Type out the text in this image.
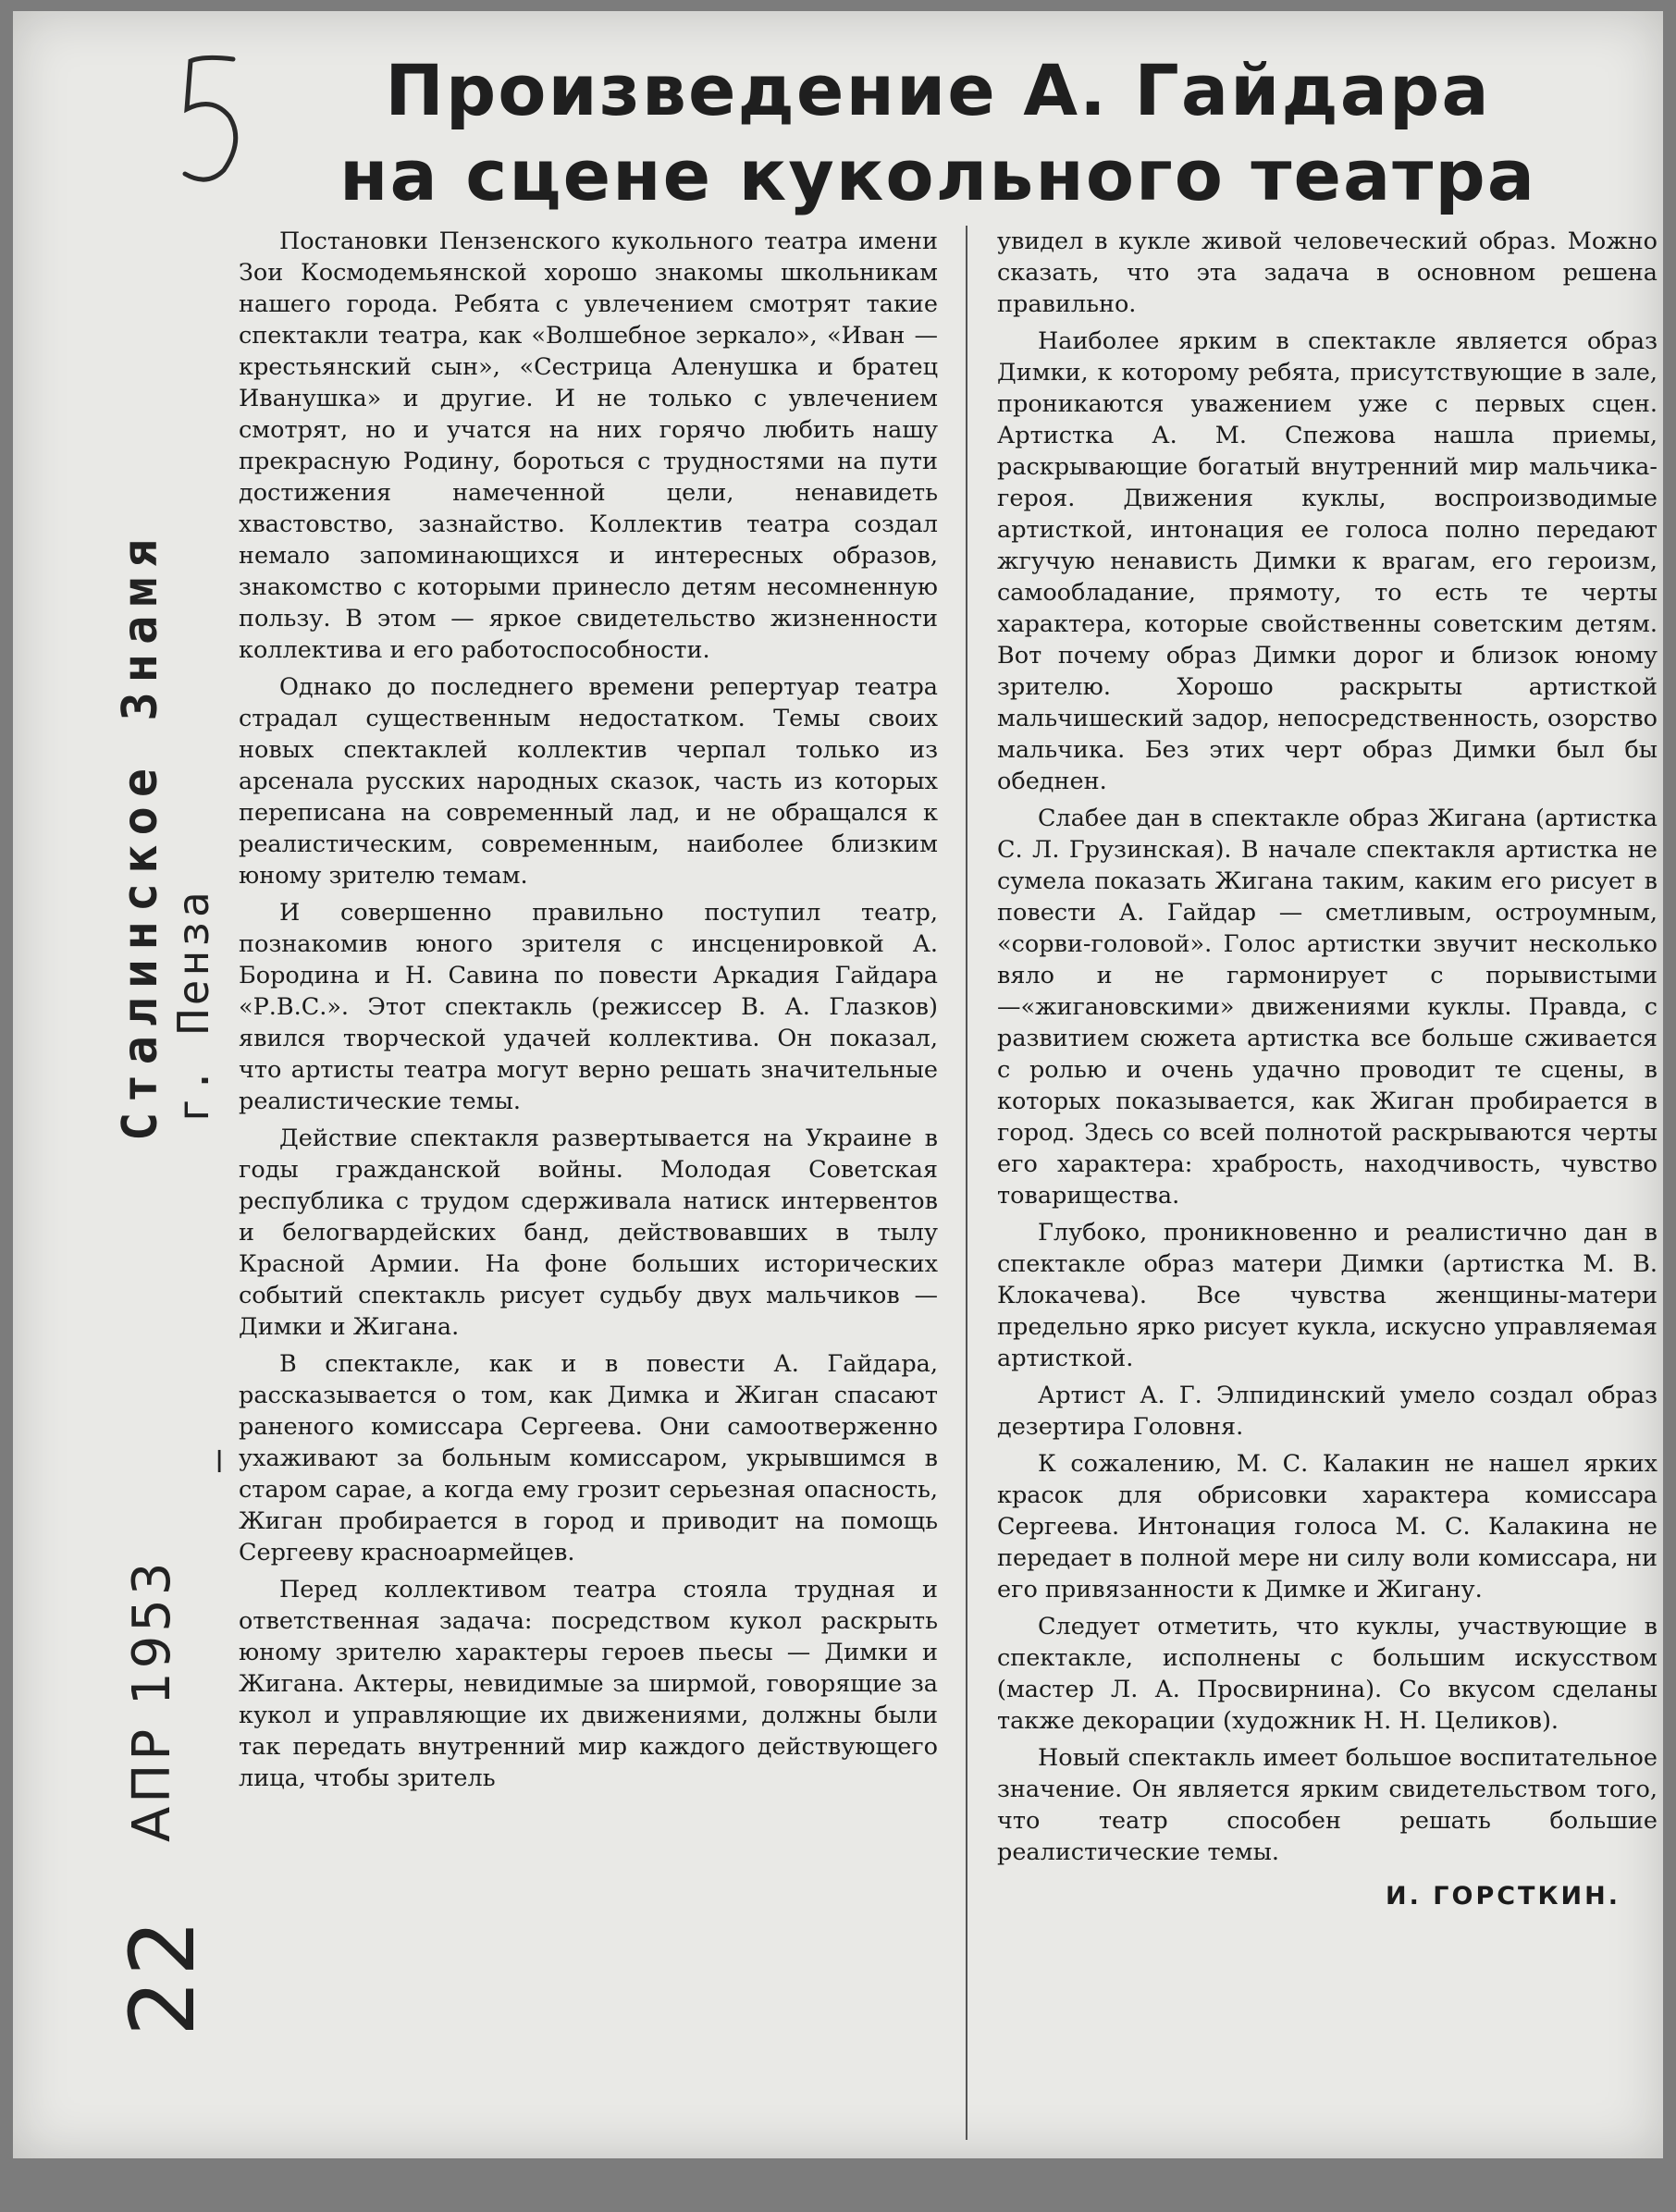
Произведение А. Гайдара
на сцене кукольного театра
Сталинское Знамя г. Пенза
—
АПР 1953
22

Постановки Пензенского кукольного театра имени Зои Космодемьянской хорошо знакомы школьникам нашего города. Ребята с увлечением смотрят такие спектакли театра, как «Волшебное зеркало», «Иван — крестьянский сын», «Сестрица Аленушка и братец Иванушка» и другие. И не только с увлечением смотрят, но и учатся на них горячо любить нашу прекрасную Родину, бороться с трудностями на пути достижения намеченной цели, ненавидеть хвастовство, зазнайство. Коллектив театра создал немало запоминающихся и интересных образов, знакомство с которыми принесло детям несомненную пользу. В этом — яркое свидетельство жизненности коллектива и его работоспособности.

Однако до последнего времени репертуар театра страдал существенным недостатком. Темы своих новых спектаклей коллектив черпал только из арсенала русских народных сказок, часть из которых переписана на современный лад, и не обращался к реалистическим, современным, наиболее близким юному зрителю темам.

И совершенно правильно поступил театр, познакомив юного зрителя с инсценировкой А. Бородина и Н. Савина по повести Аркадия Гайдара «Р.В.С.». Этот спектакль (режиссер В. А. Глазков) явился творческой удачей коллектива. Он показал, что артисты театра могут верно решать значительные реалистические темы.

Действие спектакля развертывается на Украине в годы гражданской войны. Молодая Советская республика с трудом сдерживала натиск интервентов и белогвардейских банд, действовавших в тылу Красной Армии. На фоне больших исторических событий спектакль рисует судьбу двух мальчиков — Димки и Жигана.

В спектакле, как и в повести А. Гайдара, рассказывается о том, как Димка и Жиган спасают раненого комиссара Сергеева. Они самоотверженно ухаживают за больным комиссаром, укрывшимся в старом сарае, а когда ему грозит серьезная опасность, Жиган пробирается в город и приводит на помощь Сергееву красноармейцев.

Перед коллективом театра стояла трудная и ответственная задача: посредством кукол раскрыть юному зрителю характеры героев пьесы — Димки и Жигана. Актеры, невидимые за ширмой, говорящие за кукол и управляющие их движениями, должны были так передать внутренний мир каждого действующего лица, чтобы зритель

увидел в кукле живой человеческий образ. Можно сказать, что эта задача в основном решена правильно.

Наиболее ярким в спектакле является образ Димки, к которому ребята, присутствующие в зале, проникаются уважением уже с первых сцен. Артистка А. М. Спежова нашла приемы, раскрывающие богатый внутренний мир мальчика-героя. Движения куклы, воспроизводимые артисткой, интонация ее голоса полно передают жгучую ненависть Димки к врагам, его героизм, самообладание, прямоту, то есть те черты характера, которые свойственны советским детям. Вот почему образ Димки дорог и близок юному зрителю. Хорошо раскрыты артисткой мальчишеский задор, непосредственность, озорство мальчика. Без этих черт образ Димки был бы обеднен.

Слабее дан в спектакле образ Жигана (артистка С. Л. Грузинская). В начале спектакля артистка не сумела показать Жигана таким, каким его рисует в повести А. Гайдар — сметливым, остроумным, «сорви-головой». Голос артистки звучит несколько вяло и не гармонирует с порывистыми—«жигановскими» движениями куклы. Правда, с развитием сюжета артистка все больше сживается с ролью и очень удачно проводит те сцены, в которых показывается, как Жиган пробирается в город. Здесь со всей полнотой раскрываются черты его характера: храбрость, находчивость, чувство товарищества.

Глубоко, проникновенно и реалистично дан в спектакле образ матери Димки (артистка М. В. Клокачева). Все чувства женщины-матери предельно ярко рисует кукла, искусно управляемая артисткой.

Артист А. Г. Элпидинский умело создал образ дезертира Головня.

К сожалению, М. С. Калакин не нашел ярких красок для обрисовки характера комиссара Сергеева. Интонация голоса М. С. Калакина не передает в полной мере ни силу воли комиссара, ни его привязанности к Димке и Жигану.

Следует отметить, что куклы, участвующие в спектакле, исполнены с большим искусством (мастер Л. А. Просвирнина). Со вкусом сделаны также декорации (художник Н. Н. Целиков).

Новый спектакль имеет большое воспитательное значение. Он является ярким свидетельством того, что театр способен решать большие реалистические темы.

И. ГОРСТКИН.
